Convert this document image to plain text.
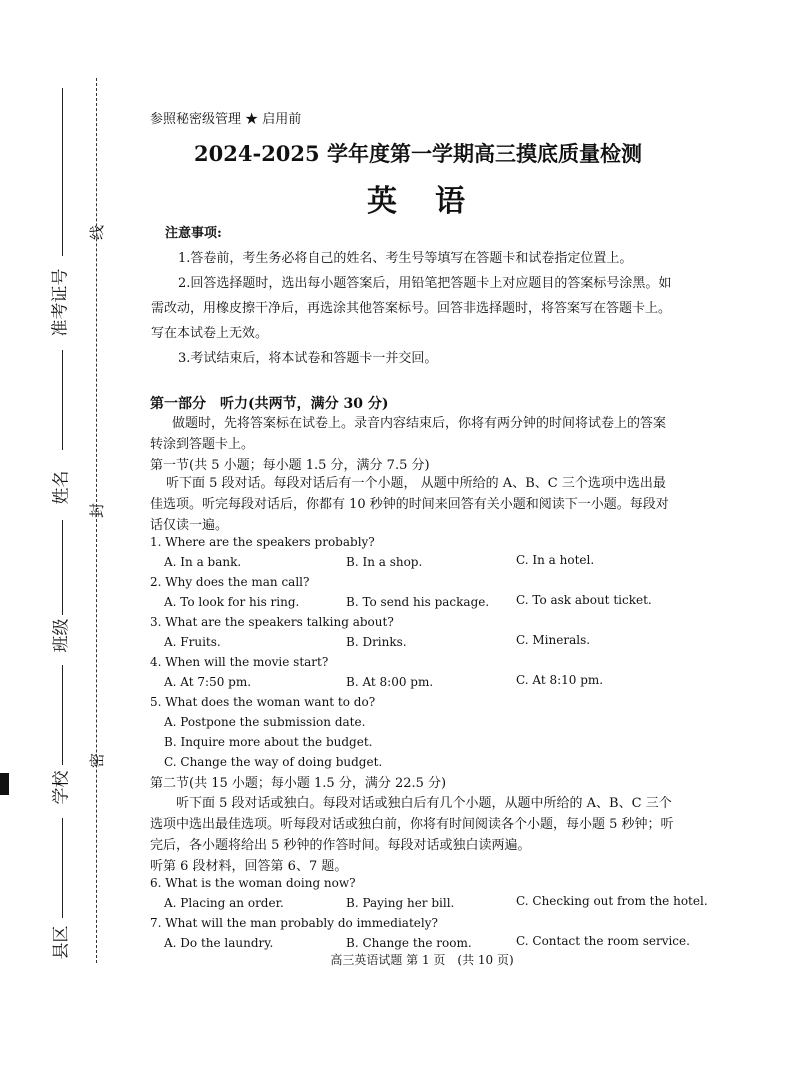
准考证号
姓名
班级
学校
县区
线
封
密
参照秘密级管理 ★ 启用前
2024-2025 学年度第一学期高三摸底质量检测
英　语
注意事项:
1.答卷前，考生务必将自己的姓名、考生号等填写在答题卡和试卷指定位置上。
2.回答选择题时，选出每小题答案后，用铅笔把答题卡上对应题目的答案标号涂黑。如
需改动，用橡皮擦干净后，再选涂其他答案标号。回答非选择题时，将答案写在答题卡上。
写在本试卷上无效。
3.考试结束后，将本试卷和答题卡一并交回。
第一部分　听力(共两节，满分 30 分)
做题时，先将答案标在试卷上。录音内容结束后，你将有两分钟的时间将试卷上的答案
转涂到答题卡上。
第一节(共 5 小题；每小题 1.5 分，满分 7.5 分)
听下面 5 段对话。每段对话后有一个小题， 从题中所给的 A、B、C 三个选项中选出最
佳选项。听完每段对话后，你都有 10 秒钟的时间来回答有关小题和阅读下一小题。每段对
话仅读一遍。
1. Where are the speakers probably?
A. In a bank.	B. In a shop.	C. In a hotel.
2. Why does the man call?
A. To look for his ring.	B. To send his package. C. To ask about ticket.
3. What are the speakers talking about?
A. Fruits.	B. Drinks.	C. Minerals.
4. When will the movie start?
A. At 7:50 pm.	B. At 8:00 pm.	C. At 8:10 pm.
5. What does the woman want to do?
A. Postpone the submission date.
B. Inquire more about the budget.
C. Change the way of doing budget.
第二节(共 15 小题；每小题 1.5 分，满分 22.5 分)
听下面 5 段对话或独白。每段对话或独白后有几个小题，从题中所给的 A、B、C 三个
选项中选出最佳选项。听每段对话或独白前，你将有时间阅读各个小题，每小题 5 秒钟；听
完后，各小题将给出 5 秒钟的作答时间。每段对话或独白读两遍。
听第 6 段材料，回答第 6、7 题。
6. What is the woman doing now?
A. Placing an order.	B. Paying her bill.	C. Checking out from the hotel.
7. What will the man probably do immediately?
A. Do the laundry.	B. Change the room.	C. Contact the room service.
高三英语试题 第 1 页　(共 10 页)
